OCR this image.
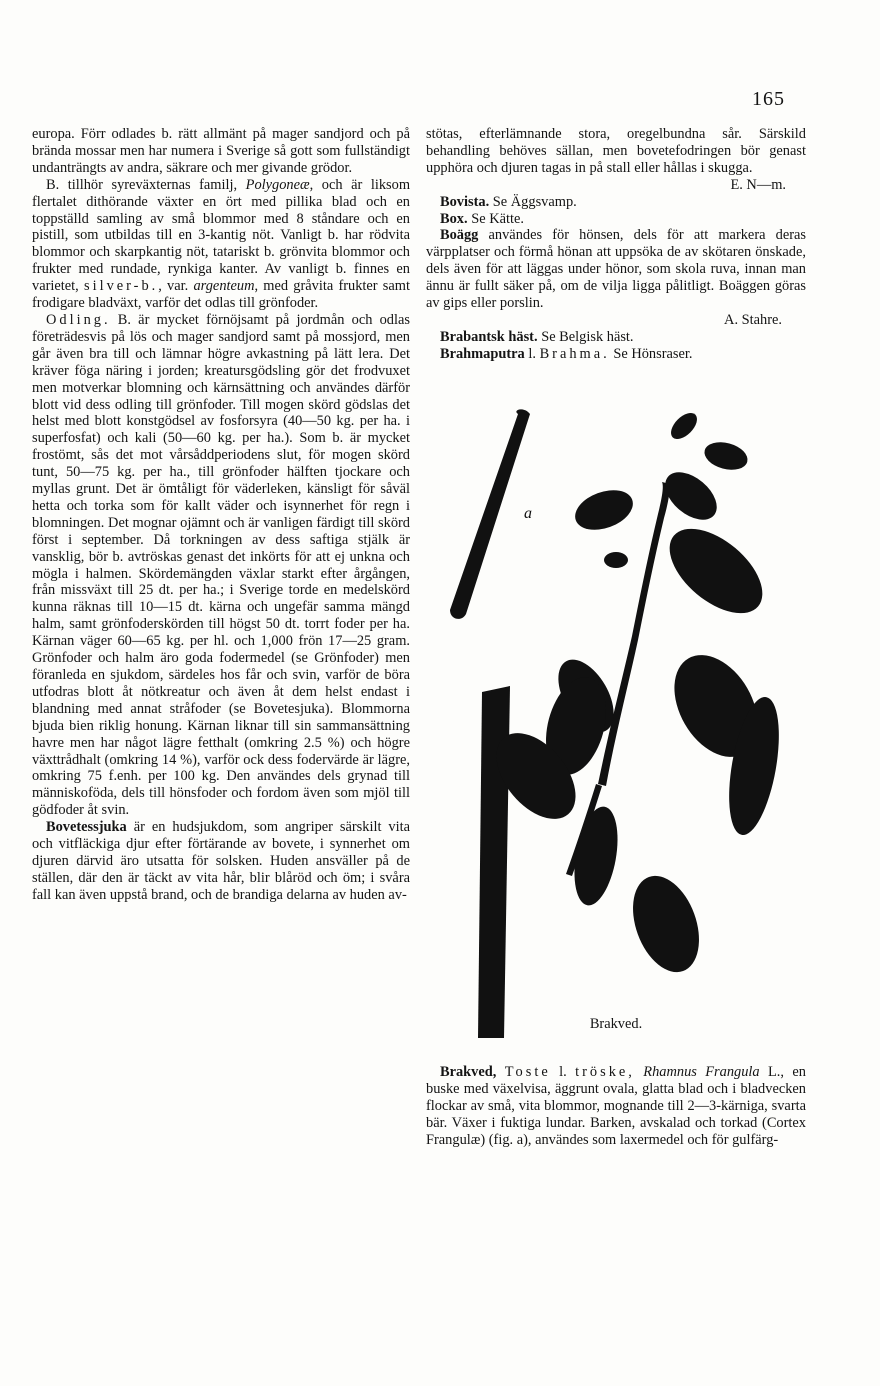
165

europa. Förr odlades b. rätt allmänt på mager sandjord och på brända mossar men har numera i Sverige så gott som fullständigt undanträngts av andra, säkrare och mer givande grödor.

B. tillhör syreväxternas familj, Polygoneæ, och är liksom flertalet dithörande växter en ört med pillika blad och en toppställd samling av små blommor med 8 ståndare och en pistill, som utbildas till en 3-kantig nöt. Vanligt b. har rödvita blommor och skarpkantig nöt, tatariskt b. grönvita blommor och frukter med rundade, rynkiga kanter. Av vanligt b. finnes en varietet, silver-b., var. argenteum, med gråvita frukter samt frodigare bladväxt, varför det odlas till grönfoder.

Odling. B. är mycket förnöjsamt på jordmån och odlas företrädesvis på lös och mager sandjord samt på mossjord, men går även bra till och lämnar högre avkastning på lätt lera. Det kräver föga näring i jorden; kreatursgödsling gör det frodvuxet men motverkar blomning och kärnsättning och användes därför blott vid dess odling till grönfoder. Till mogen skörd gödslas det helst med blott konstgödsel av fosforsyra (40—50 kg. per ha. i superfosfat) och kali (50—60 kg. per ha.). Som b. är mycket frostömt, sås det mot vårsåddperiodens slut, för mogen skörd tunt, 50—75 kg. per ha., till grönfoder hälften tjockare och myllas grunt. Det är ömtåligt för väderleken, känsligt för såväl hetta och torka som för kallt väder och isynnerhet för regn i blomningen. Det mognar ojämnt och är vanligen färdigt till skörd först i september. Då torkningen av dess saftiga stjälk är vansklig, bör b. avtröskas genast det inkörts för att ej unkna och mögla i halmen. Skördemängden växlar starkt efter årgången, från missväxt till 25 dt. per ha.; i Sverige torde en medelskörd kunna räknas till 10—15 dt. kärna och ungefär samma mängd halm, samt grönfoderskörden till högst 50 dt. torrt foder per ha. Kärnan väger 60—65 kg. per hl. och 1,000 frön 17—25 gram. Grönfoder och halm äro goda fodermedel (se Grönfoder) men föranleda en sjukdom, särdeles hos får och svin, varför de böra utfodras blott åt nötkreatur och även åt dem helst endast i blandning med annat stråfoder (se Bovetesjuka). Blommorna bjuda bien riklig honung. Kärnan liknar till sin sammansättning havre men har något lägre fetthalt (omkring 2.5 %) och högre växttrådhalt (omkring 14 %), varför ock dess fodervärde är lägre, omkring 75 f.enh. per 100 kg. Den användes dels grynad till människoföda, dels till hönsfoder och fordom även som mjöl till gödfoder åt svin.

Bovetessjuka är en hudsjukdom, som angriper särskilt vita och vitfläckiga djur efter förtärande av bovete, i synnerhet om djuren därvid äro utsatta för solsken. Huden ansväller på de ställen, där den är täckt av vita hår, blir blåröd och öm; i svåra fall kan även uppstå brand, och de brandiga delarna av huden av-

stötas, efterlämnande stora, oregelbundna sår. Särskild behandling behöves sällan, men bovetefodringen bör genast upphöra och djuren tagas in på stall eller hållas i skugga.

E. N—m.

Bovista. Se Äggsvamp.

Box. Se Kätte.

Boägg användes för hönsen, dels för att markera deras värpplatser och förmå hönan att uppsöka de av skötaren önskade, dels även för att läggas under hönor, som skola ruva, innan man ännu är fullt säker på, om de vilja ligga pålitligt. Boäggen göras av gips eller porslin.

A. Stahre.

Brabantsk häst. Se Belgisk häst.

Brahmaputra l. Brahma. Se Hönsraser.

a
Brakved.

Brakved, Toste l. tröske, Rhamnus Frangula L., en buske med växelvisa, äggrunt ovala, glatta blad och i bladvecken flockar av små, vita blommor, mognande till 2—3-kärniga, svarta bär. Växer i fuktiga lundar. Barken, avskalad och torkad (Cortex Frangulæ) (fig. a), användes som laxermedel och för gulfärg-
